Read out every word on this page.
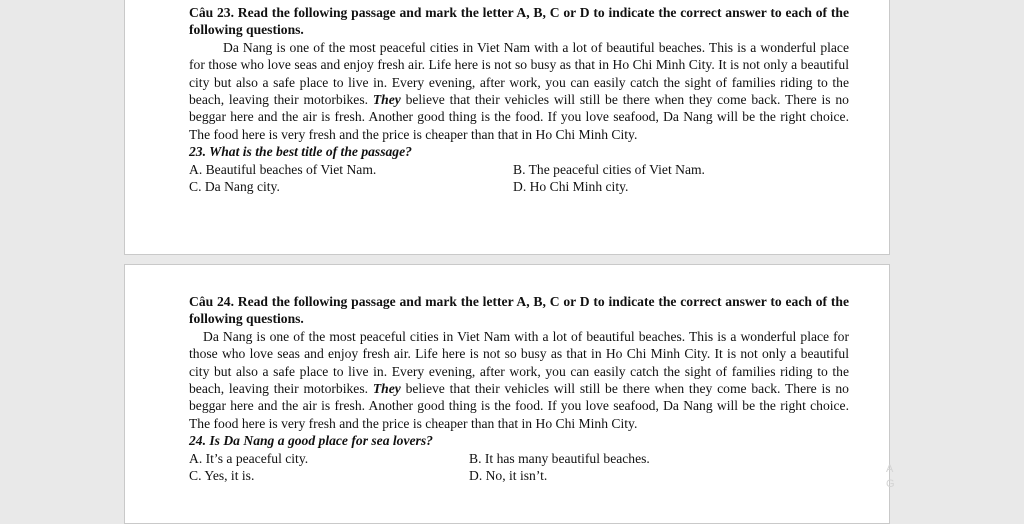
Câu 23. Read the following passage and mark the letter A, B, C or D to indicate the correct answer to each of the following questions.

Da Nang is one of the most peaceful cities in Viet Nam with a lot of beautiful beaches. This is a wonderful place for those who love seas and enjoy fresh air. Life here is not so busy as that in Ho Chi Minh City. It is not only a beautiful city but also a safe place to live in. Every evening, after work, you can easily catch the sight of families riding to the beach, leaving their motorbikes. They believe that their vehicles will still be there when they come back. There is no beggar here and the air is fresh. Another good thing is the food. If you love seafood, Da Nang will be the right choice. The food here is very fresh and the price is cheaper than that in Ho Chi Minh City.

23. What is the best title of the passage?

A. Beautiful beaches of Viet Nam.	B. The peaceful cities of Viet Nam.
C. Da Nang city.	D. Ho Chi Minh city.

Câu 24. Read the following passage and mark the letter A, B, C or D to indicate the correct answer to each of the following questions.

Da Nang is one of the most peaceful cities in Viet Nam with a lot of beautiful beaches. This is a wonderful place for those who love seas and enjoy fresh air. Life here is not so busy as that in Ho Chi Minh City. It is not only a beautiful city but also a safe place to live in. Every evening, after work, you can easily catch the sight of families riding to the beach, leaving their motorbikes. They believe that their vehicles will still be there when they come back. There is no beggar here and the air is fresh. Another good thing is the food. If you love seafood, Da Nang will be the right choice. The food here is very fresh and the price is cheaper than that in Ho Chi Minh City.

24. Is Da Nang a good place for sea lovers?

A. It’s a peaceful city.	B. It has many beautiful beaches.
C. Yes, it is.	D. No, it isn’t.	A
G
